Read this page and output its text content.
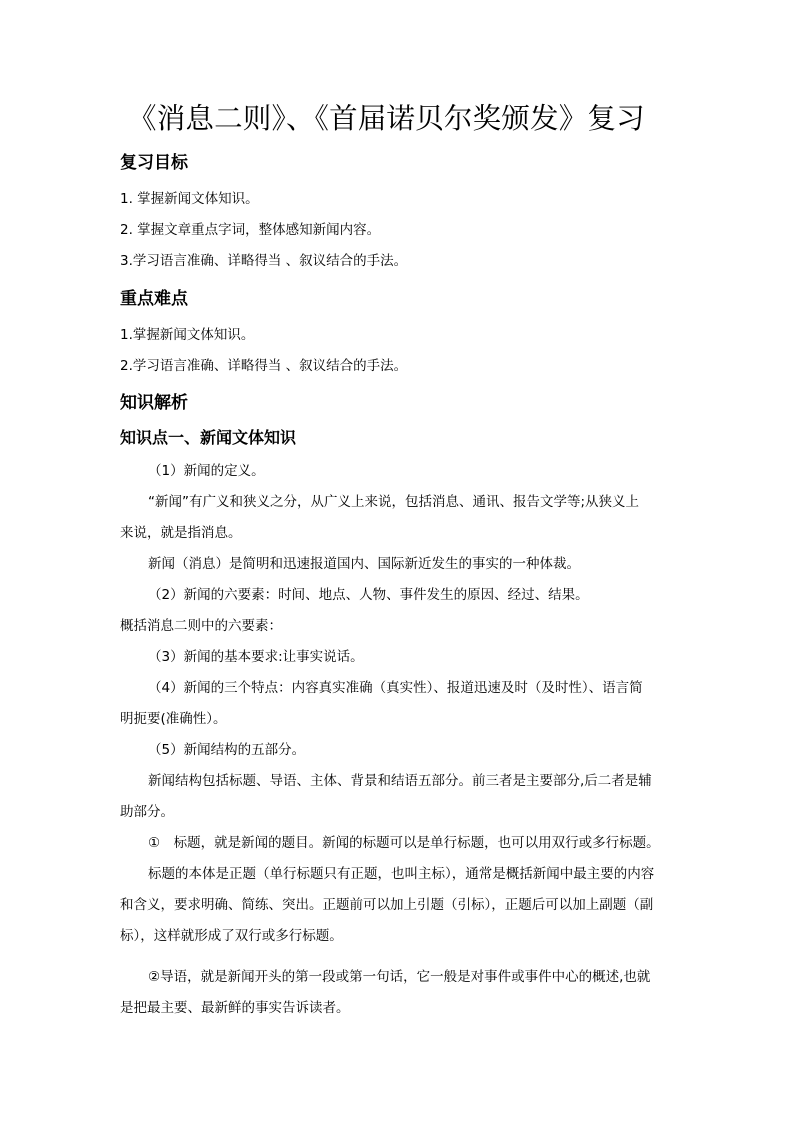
《消息二则》、《首届诺贝尔奖颁发》复习
复习目标
1. 掌握新闻文体知识。
2. 掌握文章重点字词，整体感知新闻内容。
3.学习语言准确、详略得当 、叙议结合的手法。
重点难点
1.掌握新闻文体知识。
2.学习语言准确、详略得当 、叙议结合的手法。
知识解析
知识点一、新闻文体知识
（1）新闻的定义。
“新闻”有广义和狭义之分，从广义上来说，包括消息、通讯、报告文学等;从狭义上
来说，就是指消息。
新闻（消息）是简明和迅速报道国内、国际新近发生的事实的一种体裁。
（2）新闻的六要素：时间、地点、人物、事件发生的原因、经过、结果。
概括消息二则中的六要素：
（3）新闻的基本要求:让事实说话。
（4）新闻的三个特点：内容真实准确（真实性）、报道迅速及时（及时性）、语言简
明扼要(准确性）。
（5）新闻结构的五部分。
新闻结构包括标题、导语、主体、背景和结语五部分。前三者是主要部分,后二者是辅
助部分。
①　标题，就是新闻的题目。新闻的标题可以是单行标题，也可以用双行或多行标题。
标题的本体是正题（单行标题只有正题，也叫主标），通常是概括新闻中最主要的内容
和含义，要求明确、简练、突出。正题前可以加上引题（引标），正题后可以加上副题（副
标），这样就形成了双行或多行标题。
②导语，就是新闻开头的第一段或第一句话，它一般是对事件或事件中心的概述,也就
是把最主要、最新鲜的事实告诉读者。
